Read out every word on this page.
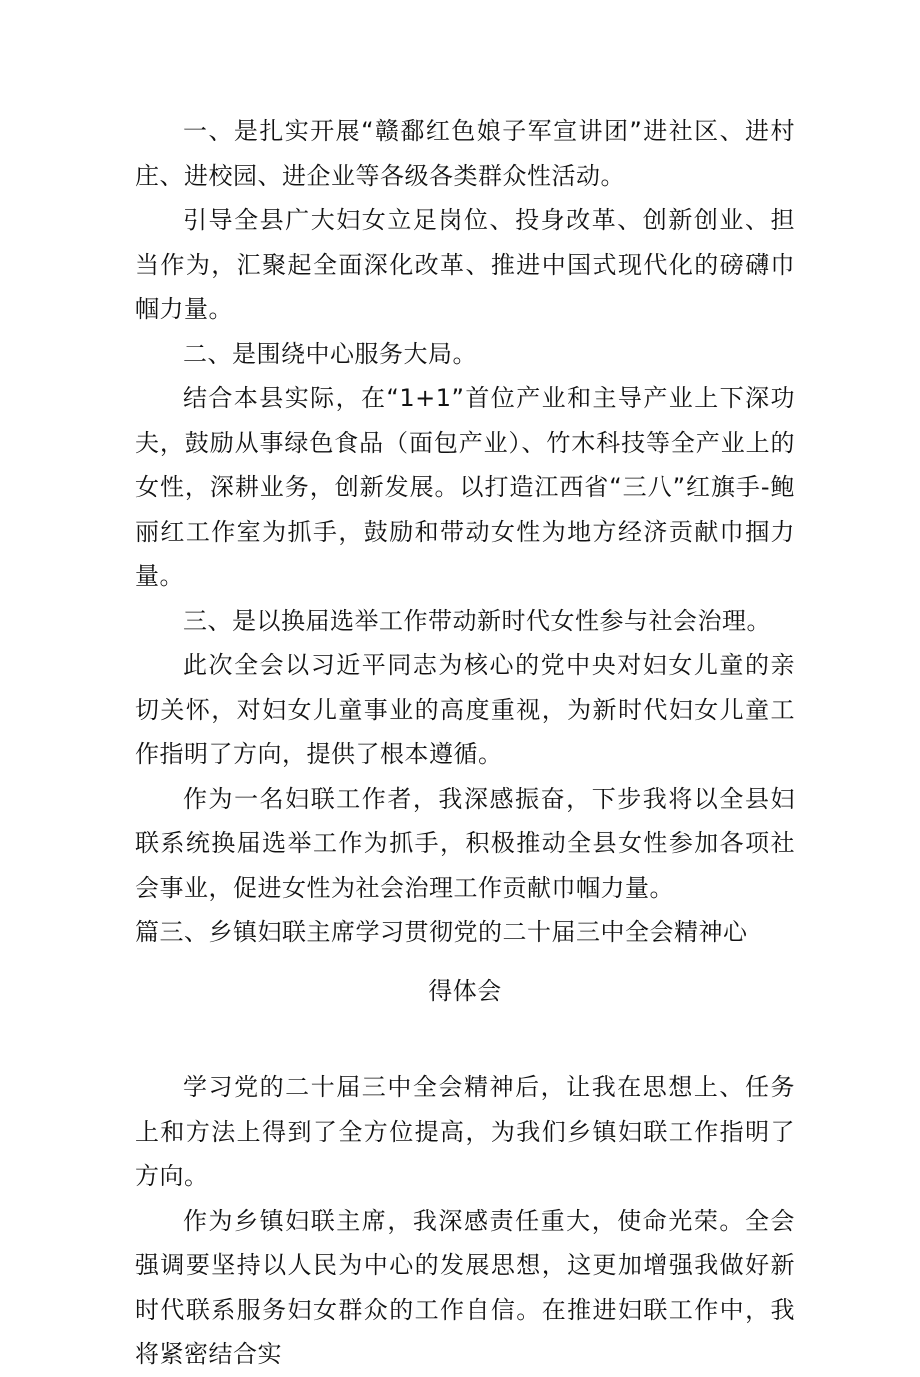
一、是扎实开展“赣鄱红色娘子军宣讲团”进社区、进村庄、进校园、进企业等各级各类群众性活动。

引导全县广大妇女立足岗位、投身改革、创新创业、担当作为，汇聚起全面深化改革、推进中国式现代化的磅礴巾帼力量。

二、是围绕中心服务大局。

结合本县实际，在“1+1”首位产业和主导产业上下深功夫，鼓励从事绿色食品（面包产业）、竹木科技等全产业上的女性，深耕业务，创新发展。以打造江西省“三八”红旗手-鲍丽红工作室为抓手，鼓励和带动女性为地方经济贡献巾掴力量。

三、是以换届选举工作带动新时代女性参与社会治理。

此次全会以习近平同志为核心的党中央对妇女儿童的亲切关怀，对妇女儿童事业的高度重视，为新时代妇女儿童工作指明了方向，提供了根本遵循。

作为一名妇联工作者，我深感振奋，下步我将以全县妇联系统换届选举工作为抓手，积极推动全县女性参加各项社会事业，促进女性为社会治理工作贡献巾帼力量。

篇三、乡镇妇联主席学习贯彻党的二十届三中全会精神心

得体会

学习党的二十届三中全会精神后，让我在思想上、任务上和方法上得到了全方位提高，为我们乡镇妇联工作指明了方向。

作为乡镇妇联主席，我深感责任重大，使命光荣。全会强调要坚持以人民为中心的发展思想，这更加增强我做好新时代联系服务妇女群众的工作自信。在推进妇联工作中，我将紧密结合实
